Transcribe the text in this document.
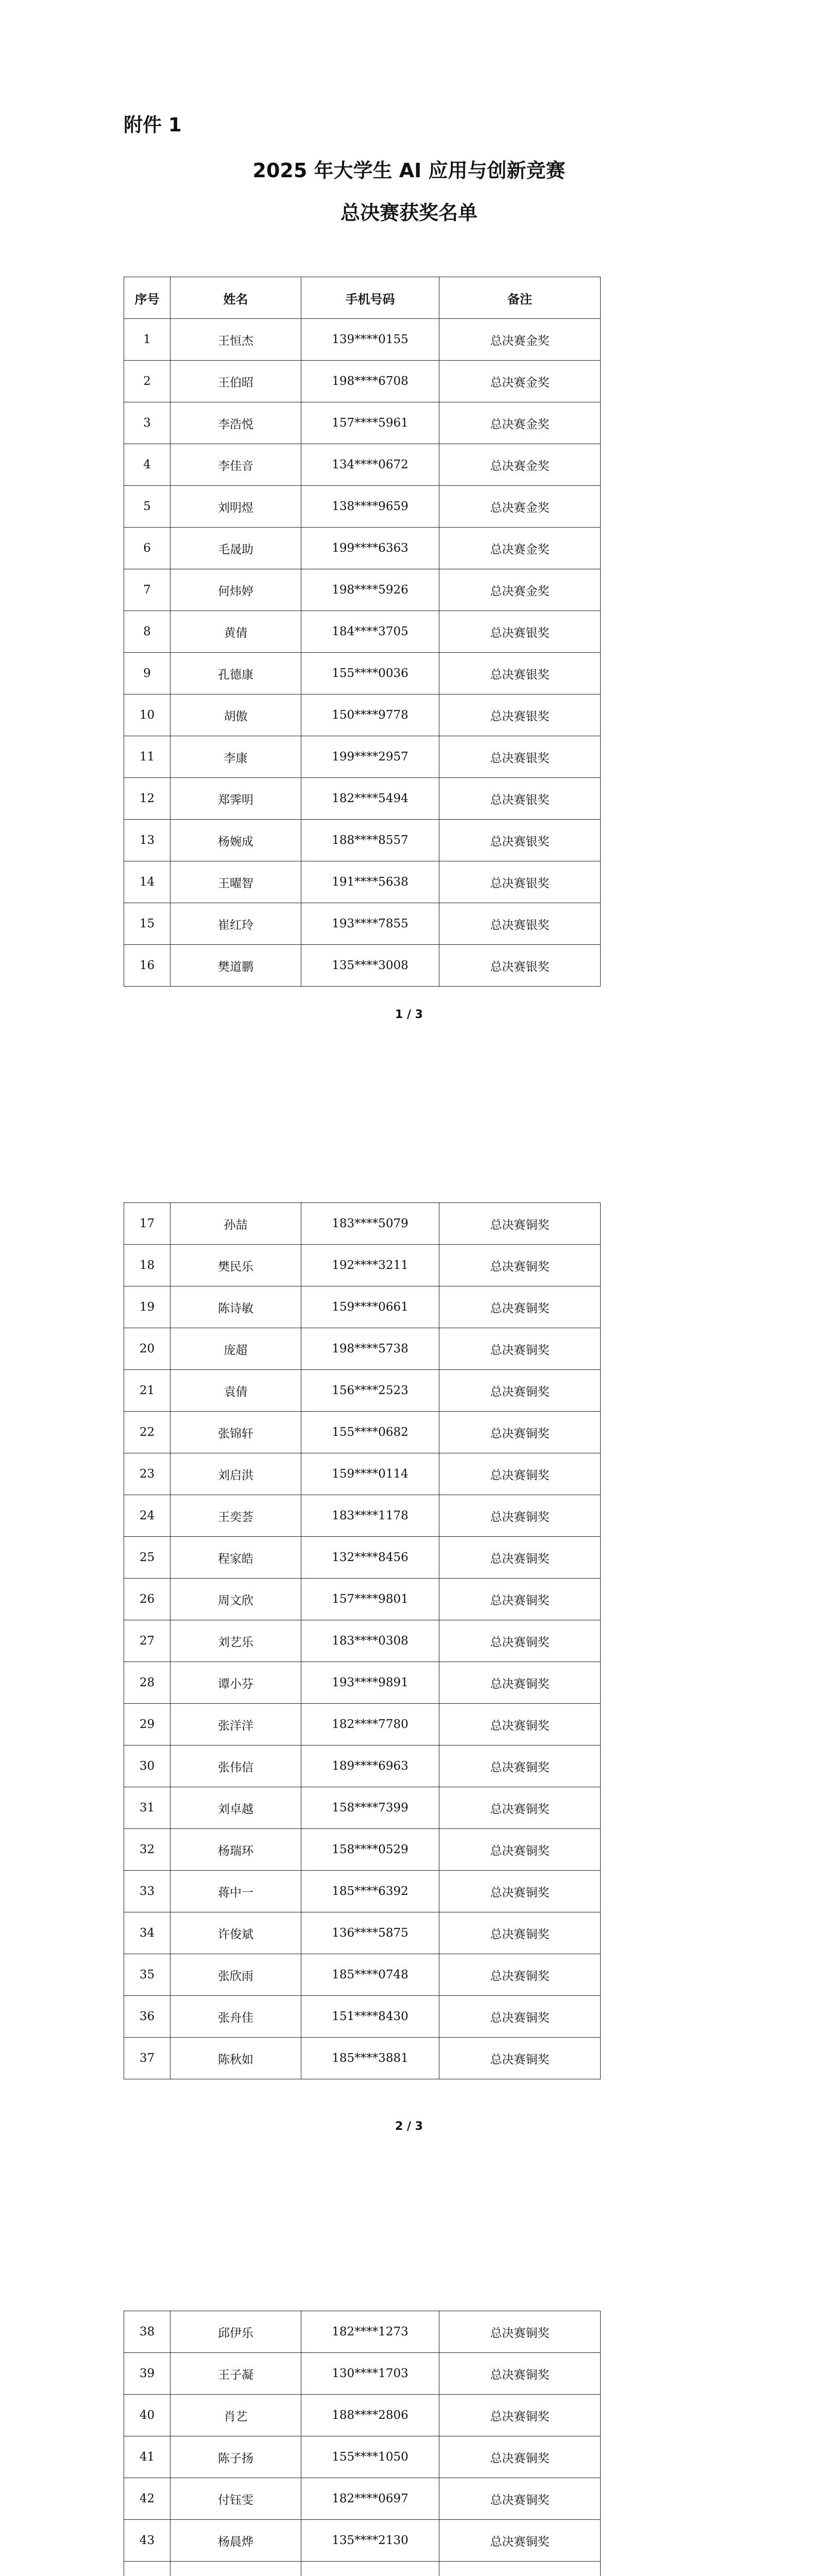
附件 1
2025 年大学生 AI 应用与创新竞赛
总决赛获奖名单
序号	姓名	手机号码	备注
1	王恒杰	139****0155	总决赛金奖
2	王伯昭	198****6708	总决赛金奖
3	李浩悦	157****5961	总决赛金奖
4	李佳音	134****0672	总决赛金奖
5	刘明煜	138****9659	总决赛金奖
6	毛晟助	199****6363	总决赛金奖
7	何炜婷	198****5926	总决赛金奖
8	黄倩	184****3705	总决赛银奖
9	孔德康	155****0036	总决赛银奖
10	胡傲	150****9778	总决赛银奖
11	李康	199****2957	总决赛银奖
12	郑霁明	182****5494	总决赛银奖
13	杨婉成	188****8557	总决赛银奖
14	王曜智	191****5638	总决赛银奖
15	崔红玲	193****7855	总决赛银奖
16	樊道鹏	135****3008	总决赛银奖
1 / 3
17	孙喆	183****5079	总决赛铜奖
18	樊民乐	192****3211	总决赛铜奖
19	陈诗敏	159****0661	总决赛铜奖
20	庞超	198****5738	总决赛铜奖
21	袁倩	156****2523	总决赛铜奖
22	张锦轩	155****0682	总决赛铜奖
23	刘启洪	159****0114	总决赛铜奖
24	王奕荟	183****1178	总决赛铜奖
25	程家皓	132****8456	总决赛铜奖
26	周文欣	157****9801	总决赛铜奖
27	刘艺乐	183****0308	总决赛铜奖
28	谭小芬	193****9891	总决赛铜奖
29	张洋洋	182****7780	总决赛铜奖
30	张伟信	189****6963	总决赛铜奖
31	刘卓越	158****7399	总决赛铜奖
32	杨瑞环	158****0529	总决赛铜奖
33	蒋中一	185****6392	总决赛铜奖
34	许俊斌	136****5875	总决赛铜奖
35	张欣雨	185****0748	总决赛铜奖
36	张舟佳	151****8430	总决赛铜奖
37	陈秋如	185****3881	总决赛铜奖
2 / 3
38	邱伊乐	182****1273	总决赛铜奖
39	王子凝	130****1703	总决赛铜奖
40	肖艺	188****2806	总决赛铜奖
41	陈子扬	155****1050	总决赛铜奖
42	付钰雯	182****0697	总决赛铜奖
43	杨晨烨	135****2130	总决赛铜奖
